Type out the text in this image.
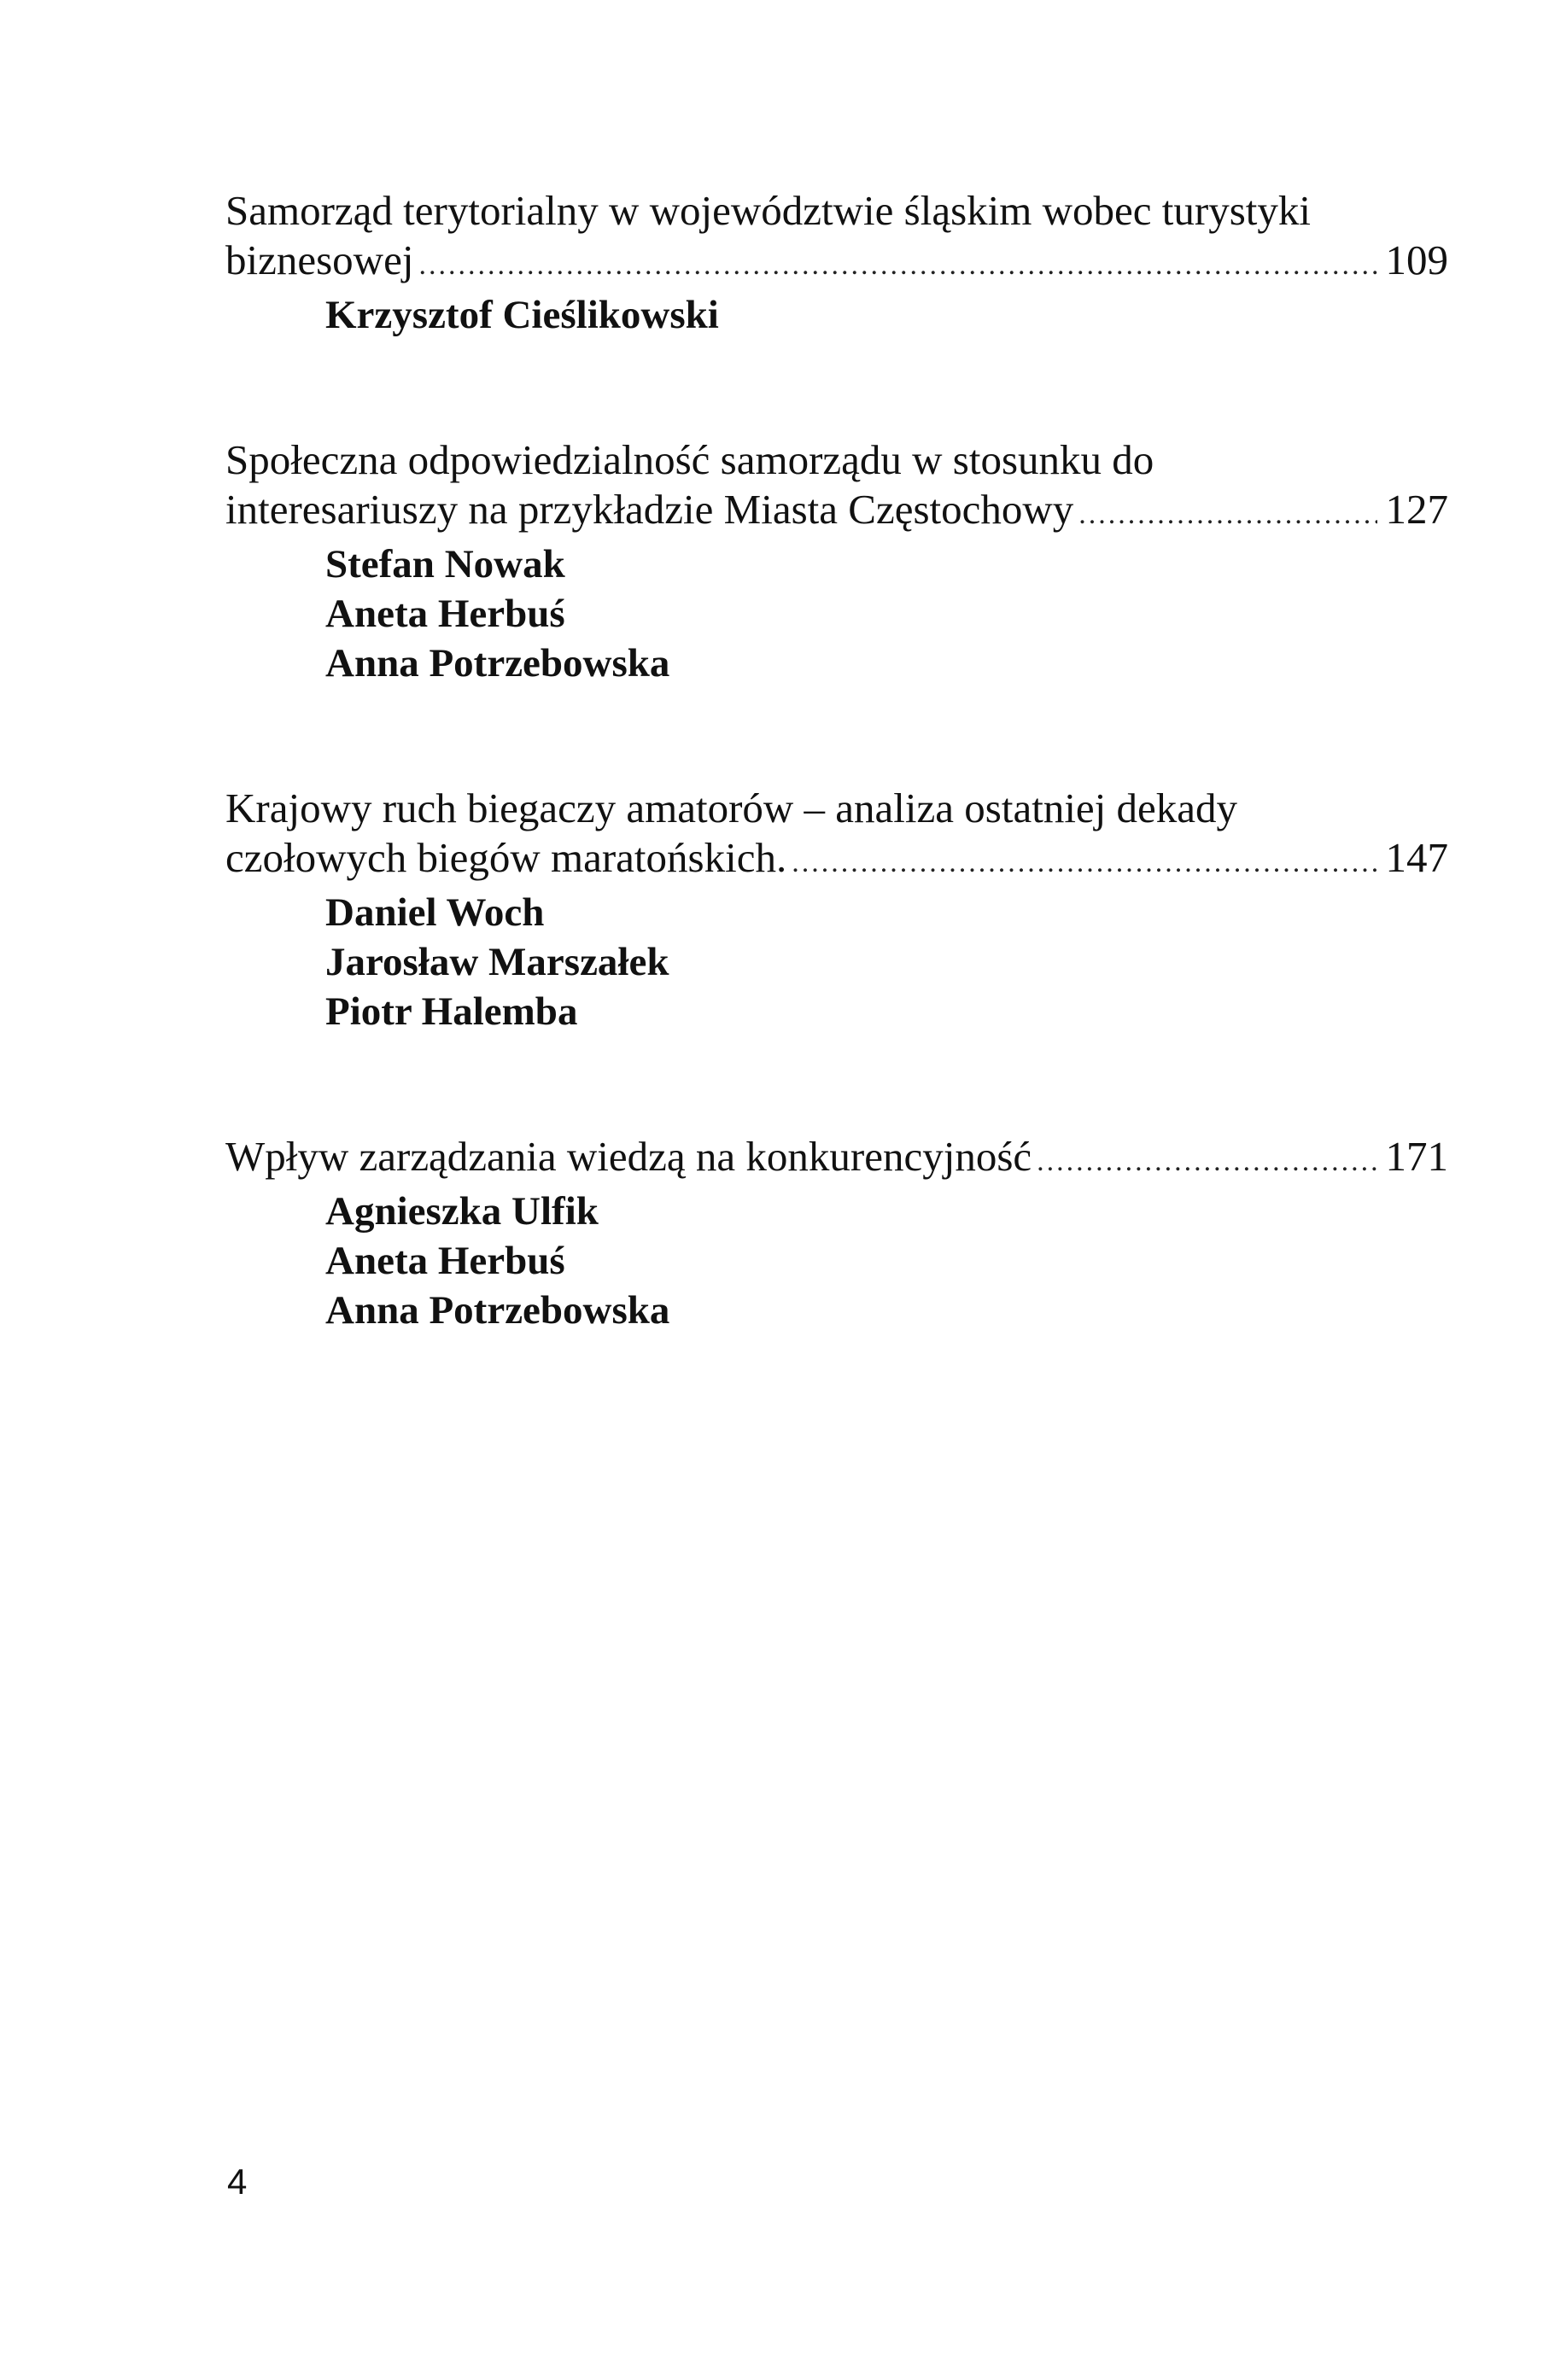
Samorząd terytorialny w województwie śląskim wobec turystyki
biznesowej .....	109
Krzysztof Cieślikowski
Społeczna odpowiedzialność samorządu w stosunku do
interesariuszy na przykładzie Miasta Częstochowy .....	127
Stefan Nowak
Aneta Herbuś
Anna Potrzebowska
Krajowy ruch biegaczy amatorów – analiza ostatniej dekady
czołowych biegów maratońskich. .....	147
Daniel Woch
Jarosław Marszałek
Piotr Halemba
Wpływ zarządzania wiedzą na konkurencyjność .....	171
Agnieszka Ulfik
Aneta Herbuś
Anna Potrzebowska
4
